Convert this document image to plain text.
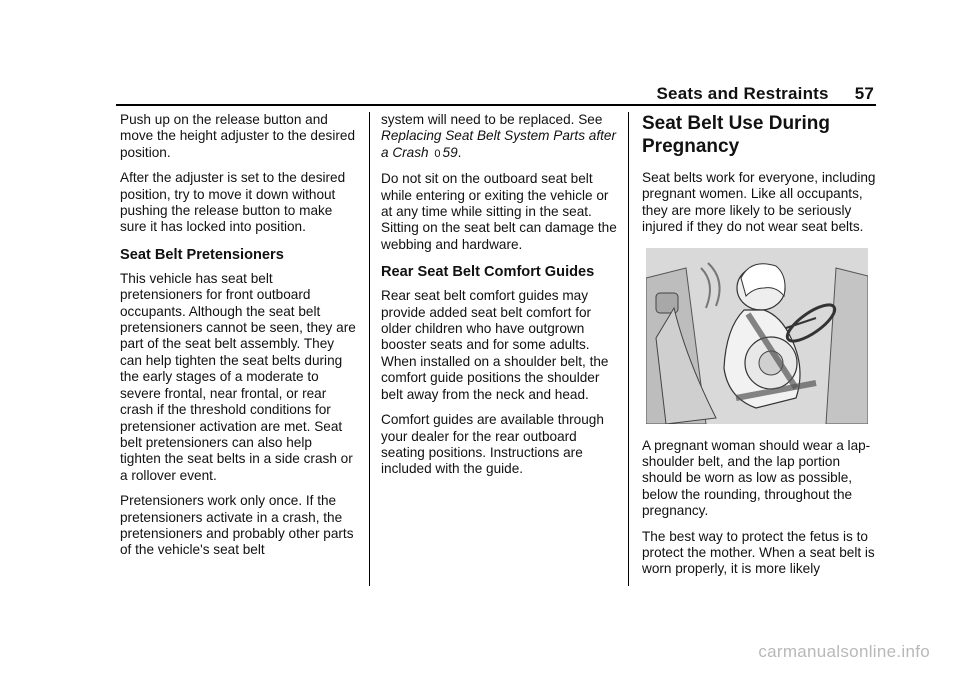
Seats and Restraints 57

Push up on the release button and move the height adjuster to the desired position.

After the adjuster is set to the desired position, try to move it down without pushing the release button to make sure it has locked into position.

Seat Belt Pretensioners

This vehicle has seat belt pretensioners for front outboard occupants. Although the seat belt pretensioners cannot be seen, they are part of the seat belt assembly. They can help tighten the seat belts during the early stages of a moderate to severe frontal, near frontal, or rear crash if the threshold conditions for pretensioner activation are met. Seat belt pretensioners can also help tighten the seat belts in a side crash or a rollover event.

Pretensioners work only once. If the pretensioners activate in a crash, the pretensioners and probably other parts of the vehicle's seat belt

system will need to be replaced. See Replacing Seat Belt System Parts after a Crash 0 59.

Do not sit on the outboard seat belt while entering or exiting the vehicle or at any time while sitting in the seat. Sitting on the seat belt can damage the webbing and hardware.

Rear Seat Belt Comfort Guides

Rear seat belt comfort guides may provide added seat belt comfort for older children who have outgrown booster seats and for some adults. When installed on a shoulder belt, the comfort guide positions the shoulder belt away from the neck and head.

Comfort guides are available through your dealer for the rear outboard seating positions. Instructions are included with the guide.

Seat Belt Use During Pregnancy

Seat belts work for everyone, including pregnant women. Like all occupants, they are more likely to be seriously injured if they do not wear seat belts.

A pregnant woman should wear a lap-shoulder belt, and the lap portion should be worn as low as possible, below the rounding, throughout the pregnancy.

The best way to protect the fetus is to protect the mother. When a seat belt is worn properly, it is more likely

carmanualsonline.info
